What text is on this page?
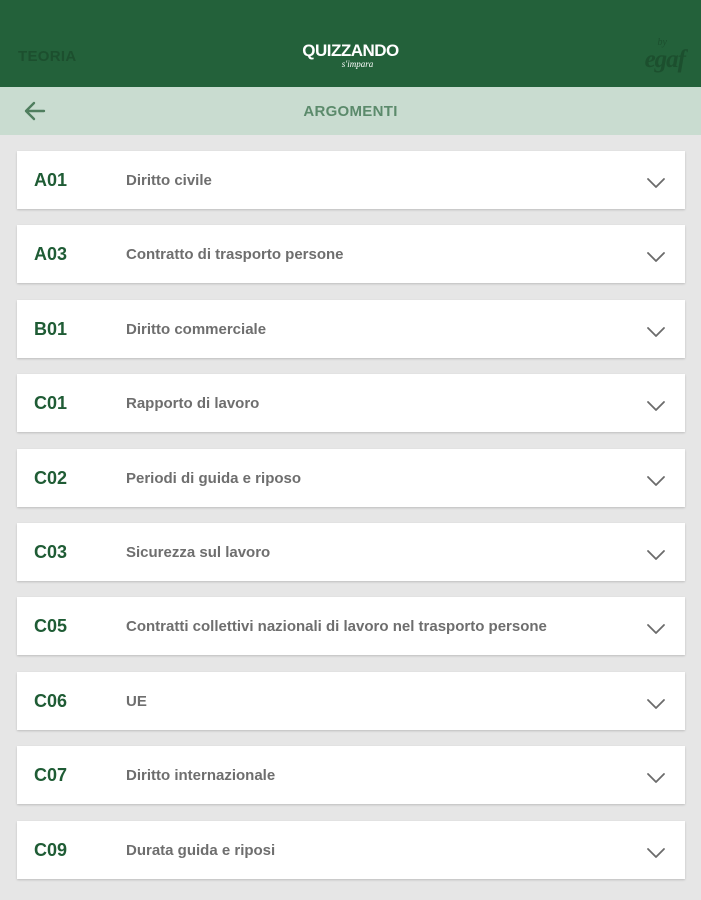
TEORIA	QUIZZANDO
s'impara
by
egaf
ARGOMENTI
A01	Diritto civile
A03	Contratto di trasporto persone
B01	Diritto commerciale
C01	Rapporto di lavoro
C02	Periodi di guida e riposo
C03	Sicurezza sul lavoro
C05	Contratti collettivi nazionali di lavoro nel trasporto persone
C06	UE
C07	Diritto internazionale
C09	Durata guida e riposi
